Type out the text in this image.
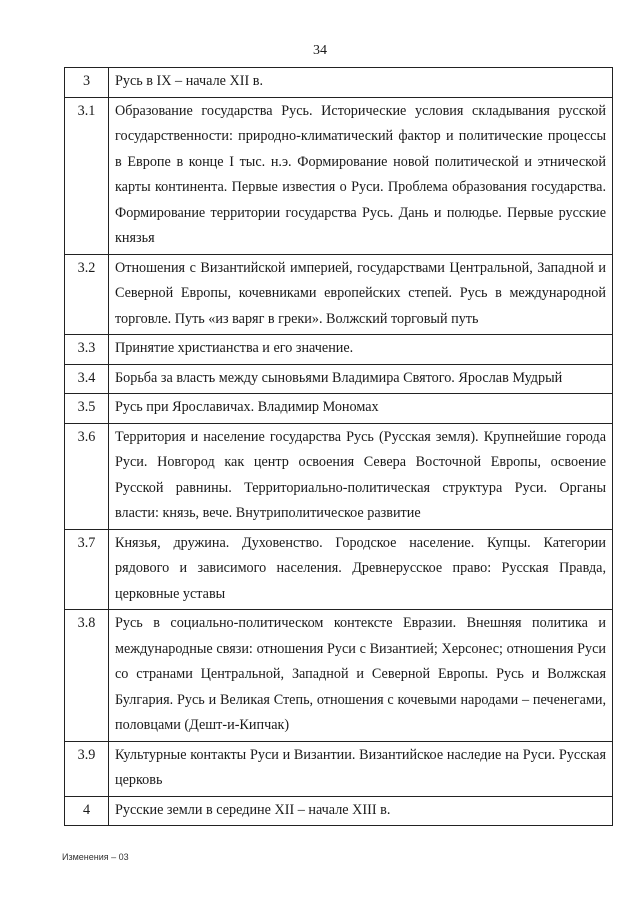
34
3	Русь в IX – начале XII в.
3.1	Образование государства Русь. Исторические условия складывания русской государственности: природно-климатический фактор и политические процессы в Европе в конце I тыс. н.э. Формирование новой политической и этнической карты континента. Первые известия о Руси. Проблема образования государства. Формирование территории государства Русь. Дань и полюдье. Первые русские князья
3.2	Отношения с Византийской империей, государствами Центральной, Западной и Северной Европы, кочевниками европейских степей. Русь в международной торговле. Путь «из варяг в греки». Волжский торговый путь
3.3	Принятие христианства и его значение.
3.4	Борьба за власть между сыновьями Владимира Святого. Ярослав Мудрый
3.5	Русь при Ярославичах. Владимир Мономах
3.6	Территория и население государства Русь (Русская земля). Крупнейшие города Руси. Новгород как центр освоения Севера Восточной Европы, освоение Русской равнины. Территориально-политическая структура Руси. Органы власти: князь, вече. Внутриполитическое развитие
3.7	Князья, дружина. Духовенство. Городское население. Купцы. Категории рядового и зависимого населения. Древнерусское право: Русская Правда, церковные уставы
3.8	Русь в социально-политическом контексте Евразии. Внешняя политика и международные связи: отношения Руси с Византией; Херсонес; отношения Руси со странами Центральной, Западной и Северной Европы. Русь и Волжская Булгария. Русь и Великая Степь, отношения с кочевыми народами – печенегами, половцами (Дешт-и-Кипчак)
3.9	Культурные контакты Руси и Византии. Византийское наследие на Руси. Русская церковь
4	Русские земли в середине XII – начале XIII в.
Изменения – 03
